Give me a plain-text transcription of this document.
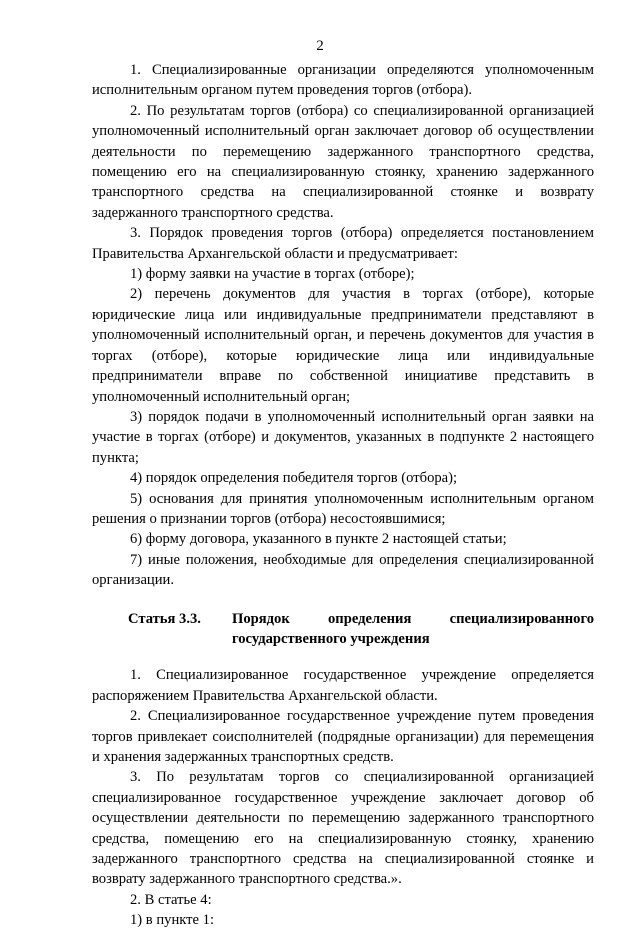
2

1. Специализированные организации определяются уполномоченным исполнительным органом путем проведения торгов (отбора).

2. По результатам торгов (отбора) со специализированной организацией уполномоченный исполнительный орган заключает договор об осуществлении деятельности по перемещению задержанного транспортного средства, помещению его на специализированную стоянку, хранению задержанного транспортного средства на специализированной стоянке и возврату задержанного транспортного средства.

3. Порядок проведения торгов (отбора) определяется постановлением Правительства Архангельской области и предусматривает:

1) форму заявки на участие в торгах (отборе);

2) перечень документов для участия в торгах (отборе), которые юридические лица или индивидуальные предприниматели представляют в уполномоченный исполнительный орган, и перечень документов для участия в торгах (отборе), которые юридические лица или индивидуальные предприниматели вправе по собственной инициативе представить в уполномоченный исполнительный орган;

3) порядок подачи в уполномоченный исполнительный орган заявки на участие в торгах (отборе) и документов, указанных в подпункте 2 настоящего пункта;

4) порядок определения победителя торгов (отбора);

5) основания для принятия уполномоченным исполнительным органом решения о признании торгов (отбора) несостоявшимися;

6) форму договора, указанного в пункте 2 настоящей статьи;

7) иные положения, необходимые для определения специализированной организации.

Статья 3.3.	Порядок определения специализированного государственного учреждения

1. Специализированное государственное учреждение определяется распоряжением Правительства Архангельской области.

2. Специализированное государственное учреждение путем проведения торгов привлекает соисполнителей (подрядные организации) для перемещения и хранения задержанных транспортных средств.

3. По результатам торгов со специализированной организацией специализированное государственное учреждение заключает договор об осуществлении деятельности по перемещению задержанного транспортного средства, помещению его на специализированную стоянку, хранению задержанного транспортного средства на специализированной стоянке и возврату задержанного транспортного средства.».

2. В статье 4:

1) в пункте 1:
